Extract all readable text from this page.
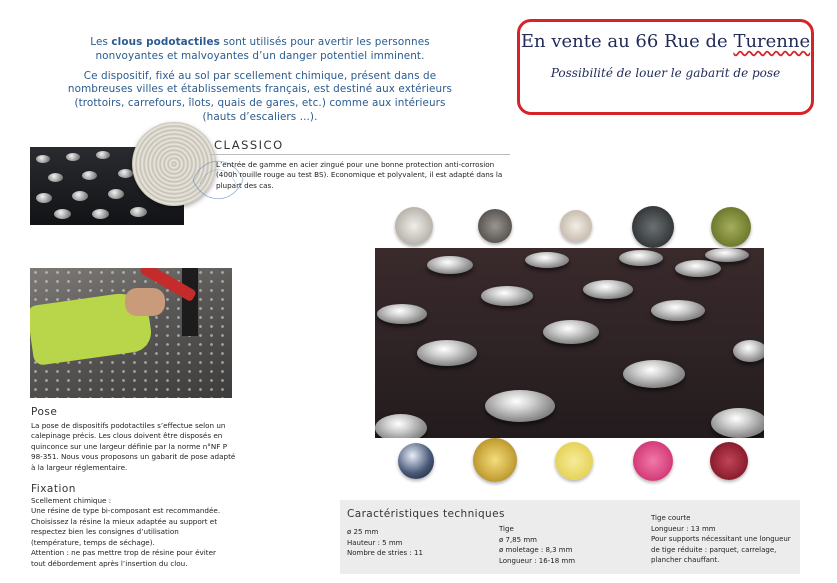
Les clous podotactiles sont utilisés pour avertir les personnes nonvoyantes et malvoyantes d’un danger potentiel imminent.

Ce dispositif, fixé au sol par scellement chimique, présent dans de nombreuses villes et établissements français, est destiné aux extérieurs (trottoirs, carrefours, îlots, quais de gares, etc.) comme aux intérieurs (hauts d’escaliers ...).

En vente au 66 Rue de Turenne
Possibilité de louer le gabarit de pose
CLASSICO
L’entrée de gamme en acier zingué pour une bonne protection anti-corrosion (400h rouille rouge au test BS). Economique et polyvalent, il est adapté dans la plupart des cas.
Pose
La pose de dispositifs podotactiles s’effectue selon un calepinage précis. Les clous doivent être disposés en quinconce sur une largeur définie par la norme n°NF P 98-351. Nous vous proposons un gabarit de pose adapté à la largeur réglementaire.
Fixation
Scellement chimique :
Une résine de type bi-composant est recommandée. Choisissez la résine la mieux adaptée au support et respectez bien les consignes d’utilisation (température, temps de séchage).
Attention : ne pas mettre trop de résine pour éviter tout débordement après l’insertion du clou.
Caractéristiques techniques
ø 25 mm
Hauteur : 5 mm
Nombre de stries : 11
Tige
ø 7,85 mm
ø moletage : 8,3 mm
Longueur : 16-18 mm
Tige courte
Longueur : 13 mm
Pour supports nécessitant une longueur de tige réduite : parquet, carrelage, plancher chauffant.
